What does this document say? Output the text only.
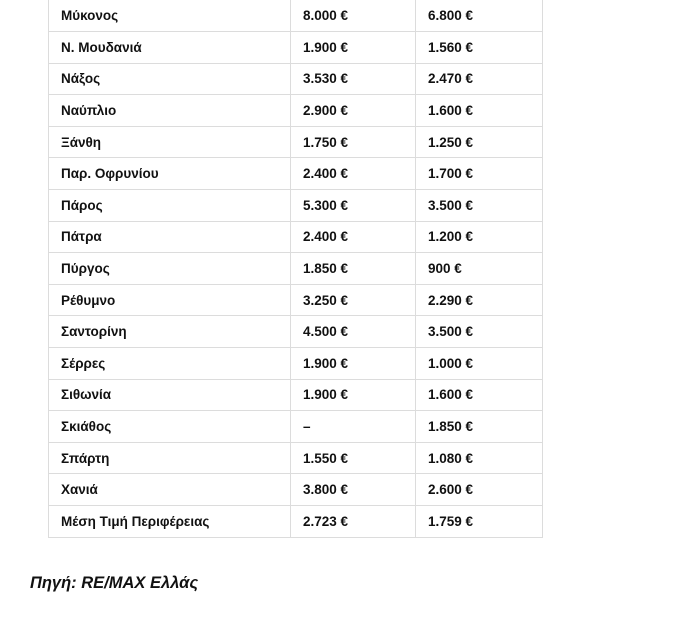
Μύκονος	8.000 €	6.800 €
Ν. Μουδανιά	1.900 €	1.560 €
Νάξος	3.530 €	2.470 €
Ναύπλιο	2.900 €	1.600 €
Ξάνθη	1.750 €	1.250 €
Παρ. Οφρυνίου	2.400 €	1.700 €
Πάρος	5.300 €	3.500 €
Πάτρα	2.400 €	1.200 €
Πύργος	1.850 €	900 €
Ρέθυμνο	3.250 €	2.290 €
Σαντορίνη	4.500 €	3.500 €
Σέρρες	1.900 €	1.000 €
Σιθωνία	1.900 €	1.600 €
Σκιάθος	–	1.850 €
Σπάρτη	1.550 €	1.080 €
Χανιά	3.800 €	2.600 €
Μέση Τιμή Περιφέρειας	2.723 €	1.759 €
Πηγή: RE/MAX Ελλάς
